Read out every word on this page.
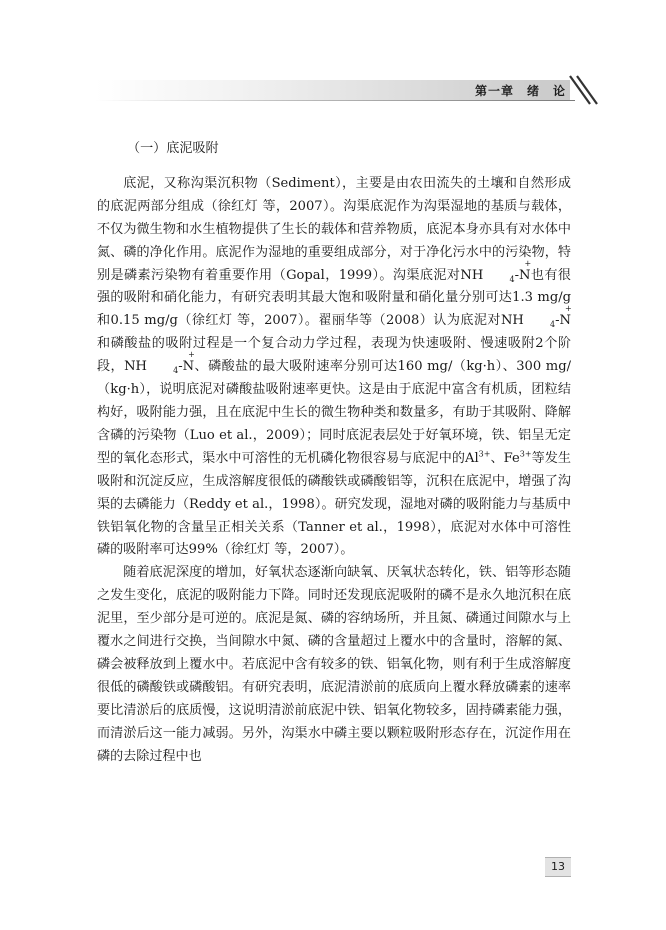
第一章　绪　论

（一）底泥吸附

底泥，又称沟渠沉积物（Sediment），主要是由农田流失的土壤和自然形成的底泥两部分组成（徐红灯 等，2007）。沟渠底泥作为沟渠湿地的基质与载体，不仅为微生物和水生植物提供了生长的载体和营养物质，底泥本身亦具有对水体中氮、磷的净化作用。底泥作为湿地的重要组成部分，对于净化污水中的污染物，特别是磷素污染物有着重要作用（Gopal，1999）。沟渠底泥对NH	$_4$
+
-N也有很强的吸附和硝化能力，有研究表明其最大饱和吸附量和硝化量分别可达1.3 mg/g和0.15 mg/g（徐红灯 等，2007）。翟丽华等（2008）认为底泥对NH	$_4$
+
-N和磷酸盐的吸附过程是一个复合动力学过程，表现为快速吸附、慢速吸附2个阶段，NH	$_4$
+
-N、磷酸盐的最大吸附速率分别可达160 mg/（kg·h）、300 mg/（kg·h），说明底泥对磷酸盐吸附速率更快。这是由于底泥中富含有机质，团粒结构好，吸附能力强，且在底泥中生长的微生物种类和数量多，有助于其吸附、降解含磷的污染物（Luo et al.，2009）；同时底泥表层处于好氧环境，铁、铝呈无定型的氧化态形式，渠水中可溶性的无机磷化物很容易与底泥中的$Al^{3+}$、$Fe^{3+}$等发生吸附和沉淀反应，生成溶解度很低的磷酸铁或磷酸铝等，沉积在底泥中，增强了沟渠的去磷能力（Reddy et al.，1998）。研究发现，湿地对磷的吸附能力与基质中铁铝氧化物的含量呈正相关关系（Tanner et al.，1998），底泥对水体中可溶性磷的吸附率可达99%（徐红灯 等，2007）。

随着底泥深度的增加，好氧状态逐渐向缺氧、厌氧状态转化，铁、铝等形态随之发生变化，底泥的吸附能力下降。同时还发现底泥吸附的磷不是永久地沉积在底泥里，至少部分是可逆的。底泥是氮、磷的容纳场所，并且氮、磷通过间隙水与上覆水之间进行交换，当间隙水中氮、磷的含量超过上覆水中的含量时，溶解的氮、磷会被释放到上覆水中。若底泥中含有较多的铁、铝氧化物，则有利于生成溶解度很低的磷酸铁或磷酸铝。有研究表明，底泥清淤前的底质向上覆水释放磷素的速率要比清淤后的底质慢，这说明清淤前底泥中铁、铝氧化物较多，固持磷素能力强，而清淤后这一能力减弱。另外，沟渠水中磷主要以颗粒吸附形态存在，沉淀作用在磷的去除过程中也

13
